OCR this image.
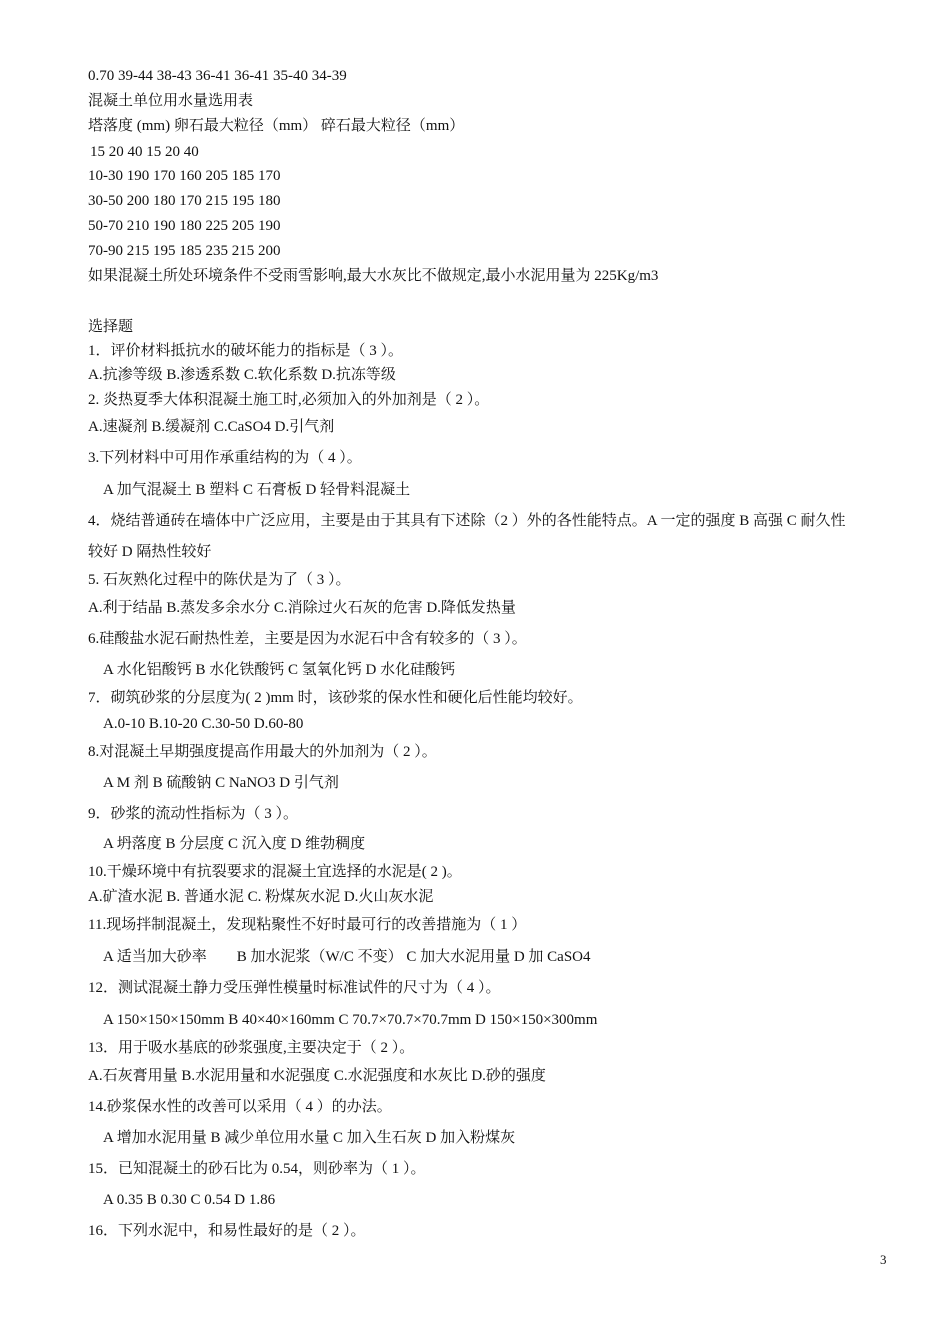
0.70 39-44 38-43 36-41 36-41 35-40 34-39
混凝土单位用水量选用表
塔落度 (mm) 卵石最大粒径（mm） 碎石最大粒径（mm）
15 20 40 15 20 40
10-30 190 170 160 205 185 170
30-50 200 180 170 215 195 180
50-70 210 190 180 225 205 190
70-90 215 195 185 235 215 200
如果混凝土所处环境条件不受雨雪影响,最大水灰比不做规定,最小水泥用量为 225Kg/m3
选择题
1．评价材料抵抗水的破坏能力的指标是（ 3 ）。
A.抗渗等级 B.渗透系数 C.软化系数 D.抗冻等级
2. 炎热夏季大体积混凝土施工时,必须加入的外加剂是（ 2 ）。
A.速凝剂 B.缓凝剂 C.CaSO4 D.引气剂
3.下列材料中可用作承重结构的为（ 4 ）。
A 加气混凝土 B 塑料 C 石膏板 D 轻骨料混凝土
4．烧结普通砖在墙体中广泛应用，主要是由于其具有下述除（2 ）外的各性能特点。A 一定的强度 B 高强 C 耐久性
较好 D 隔热性较好
5. 石灰熟化过程中的陈伏是为了（ 3 ）。
A.利于结晶 B.蒸发多余水分 C.消除过火石灰的危害 D.降低发热量
6.硅酸盐水泥石耐热性差，主要是因为水泥石中含有较多的（ 3 ）。
A 水化铝酸钙 B 水化铁酸钙 C 氢氧化钙 D 水化硅酸钙
7．砌筑砂浆的分层度为( 2 )mm 时，该砂浆的保水性和硬化后性能均较好。
A.0-10 B.10-20 C.30-50 D.60-80
8.对混凝土早期强度提高作用最大的外加剂为（ 2 ）。
A M 剂 B 硫酸钠 C NaNO3 D 引气剂
9．砂浆的流动性指标为（ 3 ）。
A 坍落度 B 分层度 C 沉入度 D 维勃稠度
10.干燥环境中有抗裂要求的混凝土宜选择的水泥是( 2 )。
A.矿渣水泥 B. 普通水泥 C. 粉煤灰水泥 D.火山灰水泥
11.现场拌制混凝土，发现粘聚性不好时最可行的改善措施为（ 1 ）
A 适当加大砂率　　B 加水泥浆（W/C 不变） C 加大水泥用量 D 加 CaSO4
12．测试混凝土静力受压弹性模量时标准试件的尺寸为（ 4 ）。
A 150×150×150mm B 40×40×160mm C 70.7×70.7×70.7mm D 150×150×300mm
13．用于吸水基底的砂浆强度,主要决定于（ 2 ）。
A.石灰膏用量 B.水泥用量和水泥强度 C.水泥强度和水灰比 D.砂的强度
14.砂浆保水性的改善可以采用（ 4 ）的办法。
A 增加水泥用量 B 减少单位用水量 C 加入生石灰 D 加入粉煤灰
15．已知混凝土的砂石比为 0.54，则砂率为（ 1 ）。
A 0.35 B 0.30 C 0.54 D 1.86
16．下列水泥中，和易性最好的是（ 2 ）。
3
